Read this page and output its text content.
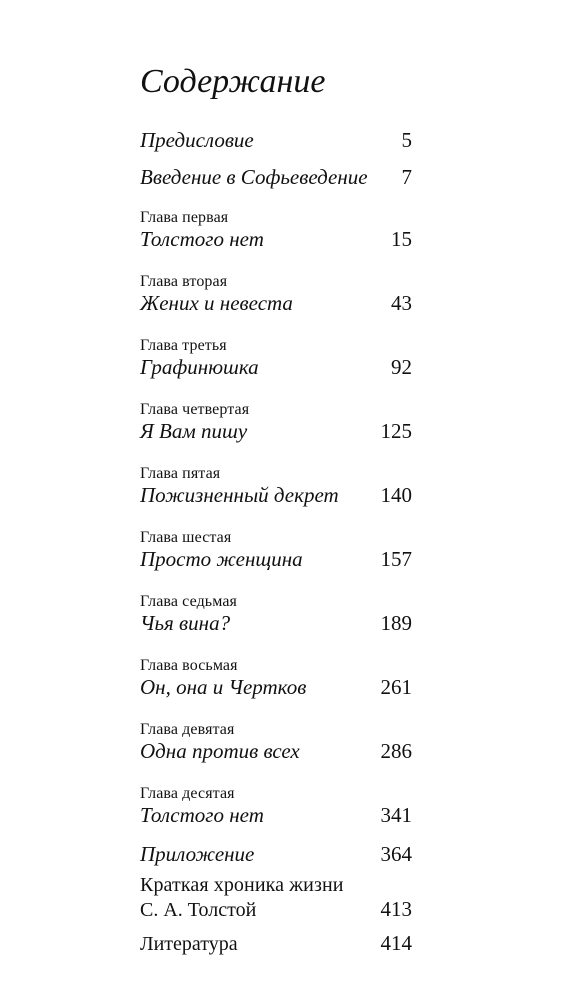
Содержание
Предисловие	5
Введение в Софьеведение 7
Глава первая
Толстого нет	15
Глава вторая
Жених и невеста	43
Глава третья
Графинюшка	92
Глава четвертая
Я Вам пишу	125
Глава пятая
Пожизненный декрет 140
Глава шестая
Просто женщина	157
Глава седьмая
Чья вина?	189
Глава восьмая
Он, она и Чертков	261
Глава девятая
Одна против всех	286
Глава десятая
Толстого нет	341
Приложение	364
Краткая хроника жизни
С. А. Толстой	413
Литература	414
